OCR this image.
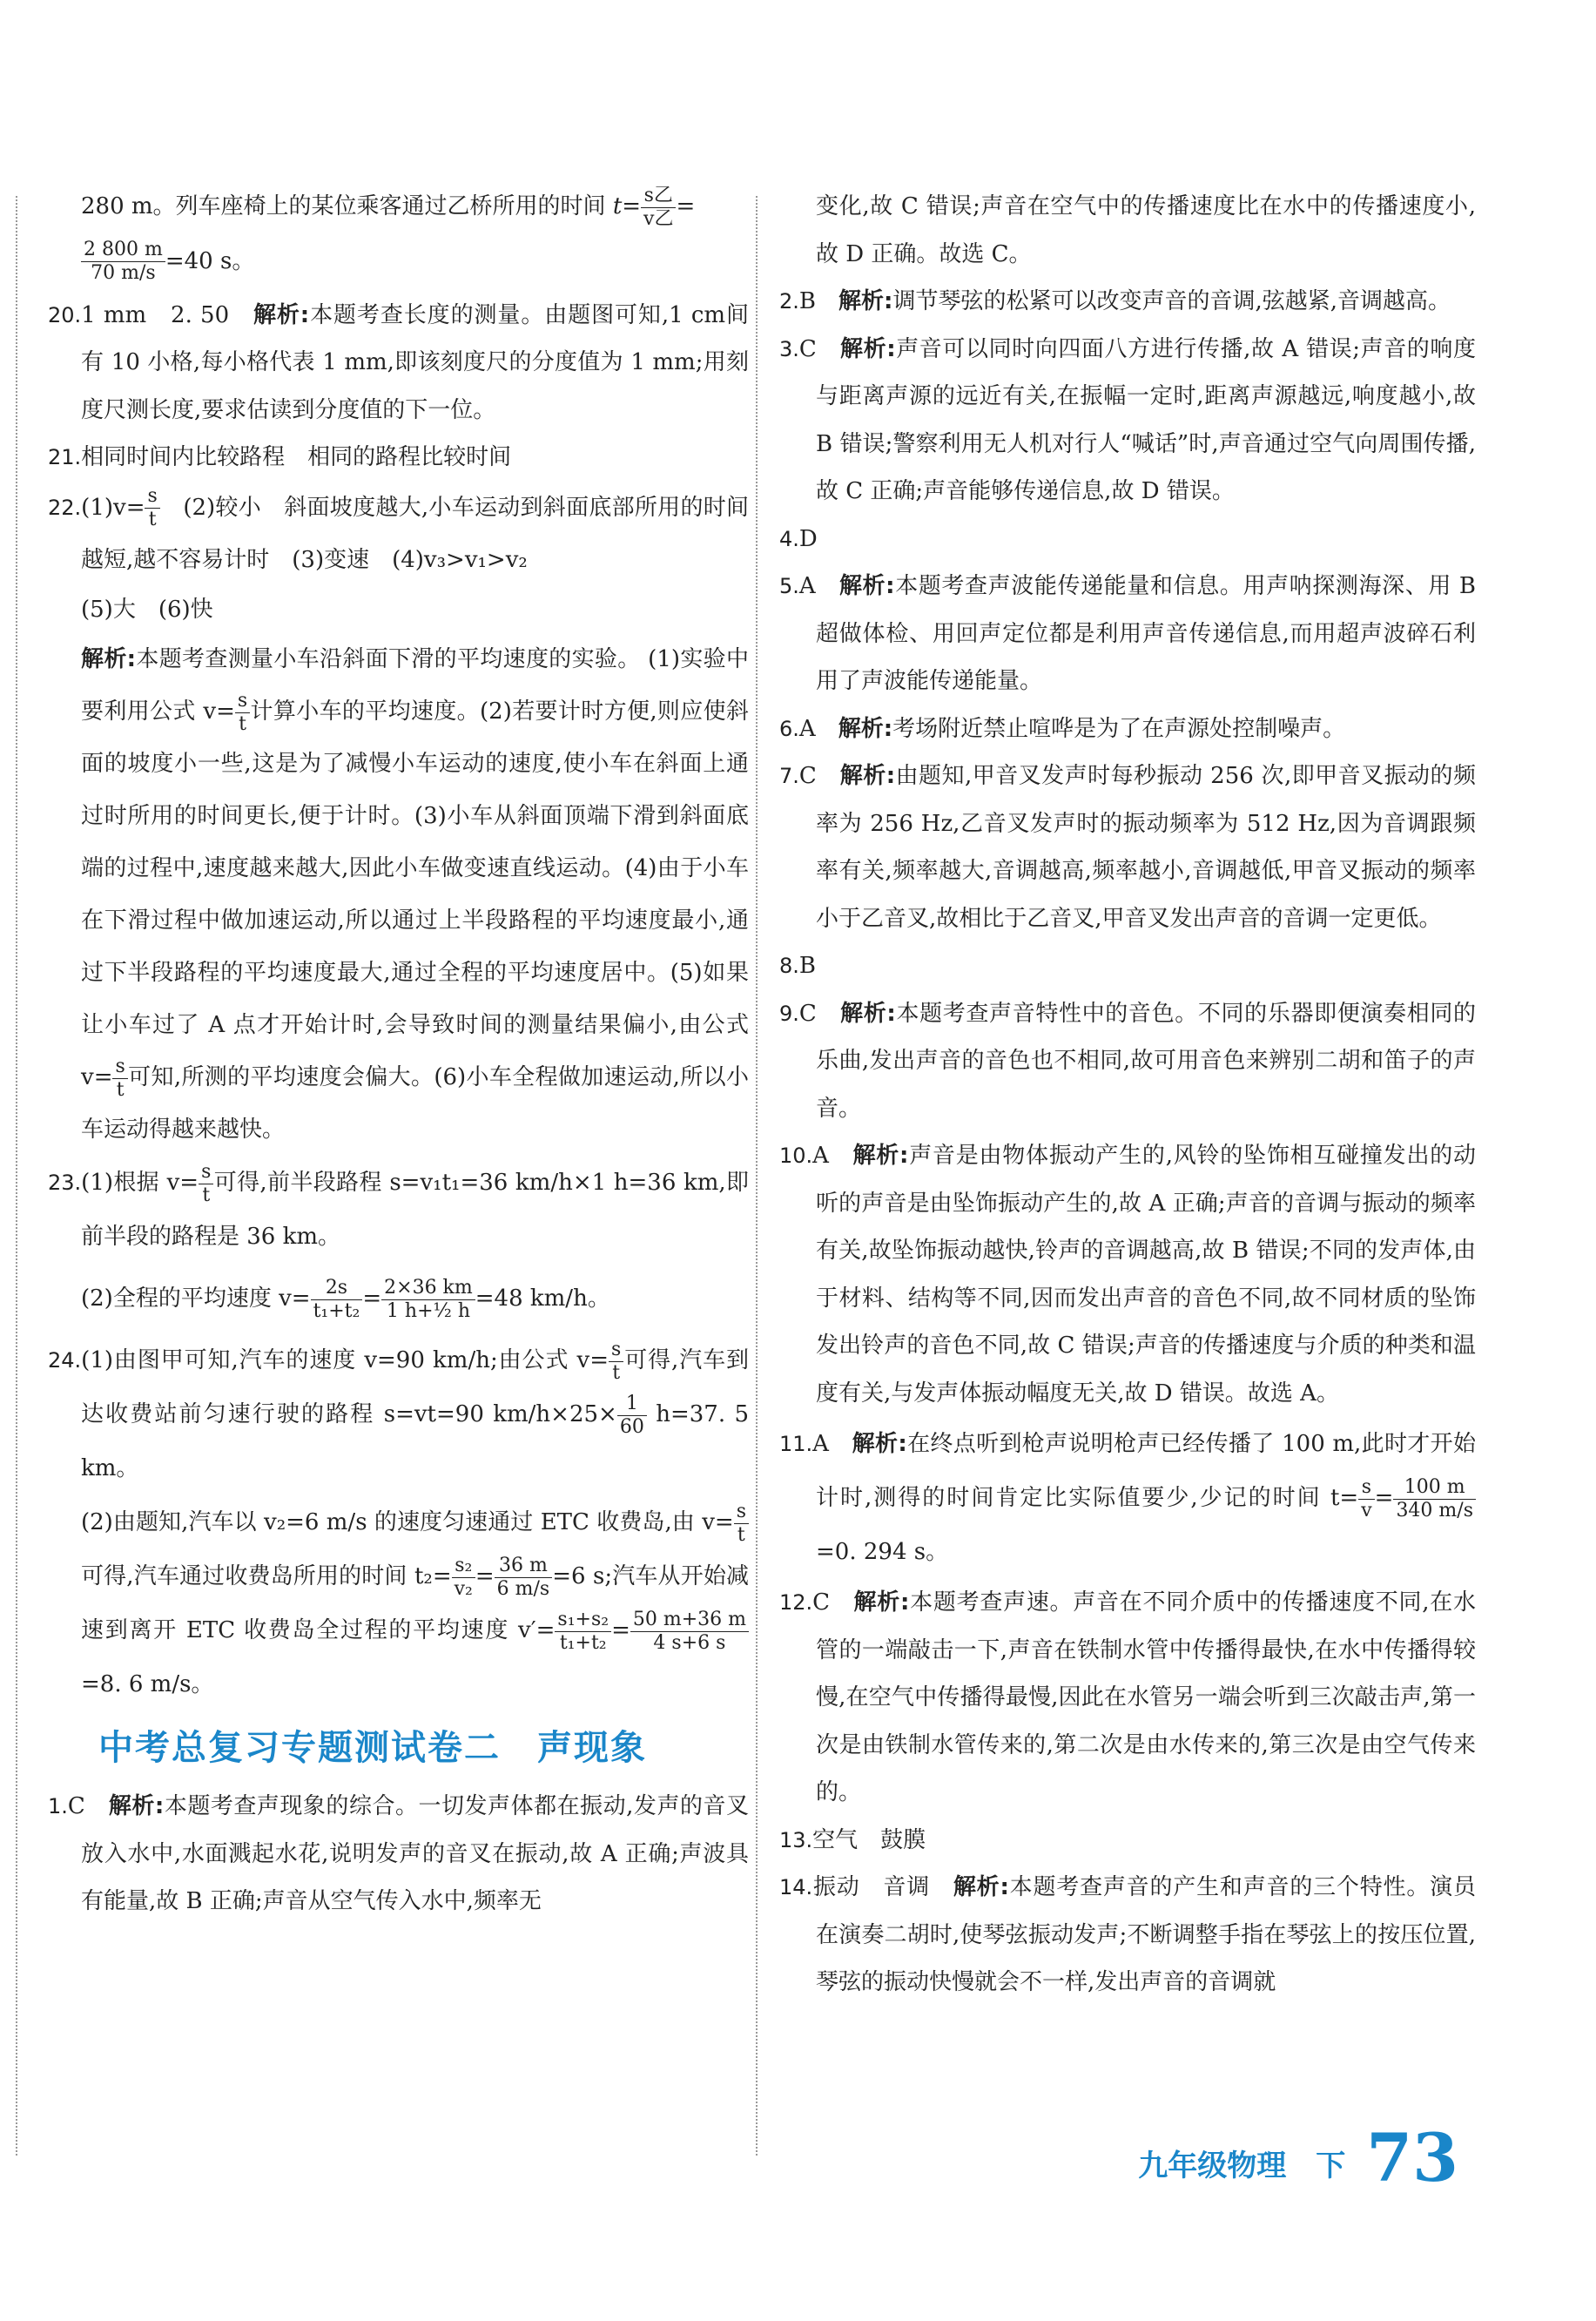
280 m。列车座椅上的某位乘客通过乙桥所用的时间 $t= \frac{\text{s乙}}{\text{v乙}}$ =

$\frac{2 800 m}{70 m/s} =40$ s。

20.1 mm　2. 50　 解析:本题考查长度的测量。由题图可知,1 cm间有 10 小格,每小格代表 1 mm,即该刻度尺的分度值为 1 mm;用刻度尺测长度,要求估读到分度值的下一位。

21.相同时间内比较路程　相同的路程比较时间

$22.(1)v= \frac{s}{t}$ 　(2)较小　斜面坡度越大,小车运动到斜面底部所用的时间越短,越不容易计时　(3)变速　(4)v₃>v₁>v₂

(5)大　(6)快

解析:本题考查测量小车沿斜面下滑的平均速度的实验。 (1)实验中要利用公式 $v= \frac{s}{t}$ 计算小车的平均速度。(2)若要计时方便,则应使斜面的坡度小一些,这是为了减慢小车运动的速度,使小车在斜面上通过时所用的时间更长,便于计时。(3)小车从斜面顶端下滑到斜面底端的过程中,速度越来越大,因此小车做变速直线运动。(4)由于小车在下滑过程中做加速运动,所以通过上半段路程的平均速度最小,通过下半段路程的平均速度最大,通过全程的平均速度居中。(5)如果让小车过了 A 点才开始计时,会导致时间的测量结果偏小,由公式 $v= \frac{s}{t}$ 可知,所测的平均速度会偏大。(6)小车全程做加速运动,所以小车运动得越来越快。

23.(1)根据 $v= \frac{s}{t}$ 可得,前半段路程 s=v₁t₁=36 km/h×1 h=36 km,即前半段的路程是 36 km。

(2)全程的平均速度 $v= \frac{2s}{\text{t₁+t₂}} = \frac{2\times 36 km}{\text{1 h+½ h}} =48$ km/h。

24.(1)由图甲可知,汽车的速度 v=90 km/h;由公式 $v= \frac{s}{t}$ 可得,汽车到达收费站前匀速行驶的路程 s=vt=90 $km/h\times 25\times \frac{1}{60} h=37$. 5 km。

(2)由题知,汽车以 v₂=6 m/s 的速度匀速通过 ETC 收费岛,由 $v= \frac{s}{t}$
可得,汽车通过收费岛所用的时间 $t_2= \frac{\text{s₂}}{\text{v₂}} = \frac{36 m}{6 m/s} =6$ s;汽车从开始减速到离开 ETC 收费岛全过程的平均速度 $v'= \frac{\text{s₁+s₂}}{\text{t₁+t₂}} = \frac{50 m+36 m}{4 s+6 s}$
=8. 6 m/s。

中考总复习专题测试卷二　声现象

1.C　 解析:本题考查声现象的综合。一切发声体都在振动,发声的音叉放入水中,水面溅起水花,说明发声的音叉在振动,故 A 正确;声波具有能量,故 B 正确;声音从空气传入水中,频率无

变化,故 C 错误;声音在空气中的传播速度比在水中的传播速度小,故 D 正确。故选 C。

2.B　 解析:调节琴弦的松紧可以改变声音的音调,弦越紧,音调越高。

3.C　 解析:声音可以同时向四面八方进行传播,故 A 错误;声音的响度与距离声源的远近有关,在振幅一定时,距离声源越远,响度越小,故 B 错误;警察利用无人机对行人“喊话”时,声音通过空气向周围传播,故 C 正确;声音能够传递信息,故 D 错误。

4.D

5.A　 解析:本题考查声波能传递能量和信息。用声呐探测海深、用 B 超做体检、用回声定位都是利用声音传递信息,而用超声波碎石利用了声波能传递能量。

6.A　 解析:考场附近禁止喧哗是为了在声源处控制噪声。

7.C　 解析:由题知,甲音叉发声时每秒振动 256 次,即甲音叉振动的频率为 256 Hz,乙音叉发声时的振动频率为 512 Hz,因为音调跟频率有关,频率越大,音调越高,频率越小,音调越低,甲音叉振动的频率小于乙音叉,故相比于乙音叉,甲音叉发出声音的音调一定更低。

8.B

9.C　 解析:本题考查声音特性中的音色。不同的乐器即便演奏相同的乐曲,发出声音的音色也不相同,故可用音色来辨别二胡和笛子的声音。

10.A　 解析:声音是由物体振动产生的,风铃的坠饰相互碰撞发出的动听的声音是由坠饰振动产生的,故 A 正确;声音的音调与振动的频率有关,故坠饰振动越快,铃声的音调越高,故 B 错误;不同的发声体,由于材料、结构等不同,因而发出声音的音色不同,故不同材质的坠饰发出铃声的音色不同,故 C 错误;声音的传播速度与介质的种类和温度有关,与发声体振动幅度无关,故 D 错误。故选 A。

11.A　 解析:在终点听到枪声说明枪声已经传播了 100 m,此时才开始计时,测得的时间肯定比实际值要少,少记的时间 $t= \frac{s}{v} = \frac{100 m}{340 m/s}$
=0. 294 s。

12.C　 解析:本题考查声速。声音在不同介质中的传播速度不同,在水管的一端敲击一下,声音在铁制水管中传播得最快,在水中传播得较慢,在空气中传播得最慢,因此在水管另一端会听到三次敲击声,第一次是由铁制水管传来的,第二次是由水传来的,第三次是由空气传来的。

13.空气　鼓膜

14.振动　音调　 解析:本题考查声音的产生和声音的三个特性。演员在演奏二胡时,使琴弦振动发声;不断调整手指在琴弦上的按压位置,琴弦的振动快慢就会不一样,发出声音的音调就

九年级物理　下 73
